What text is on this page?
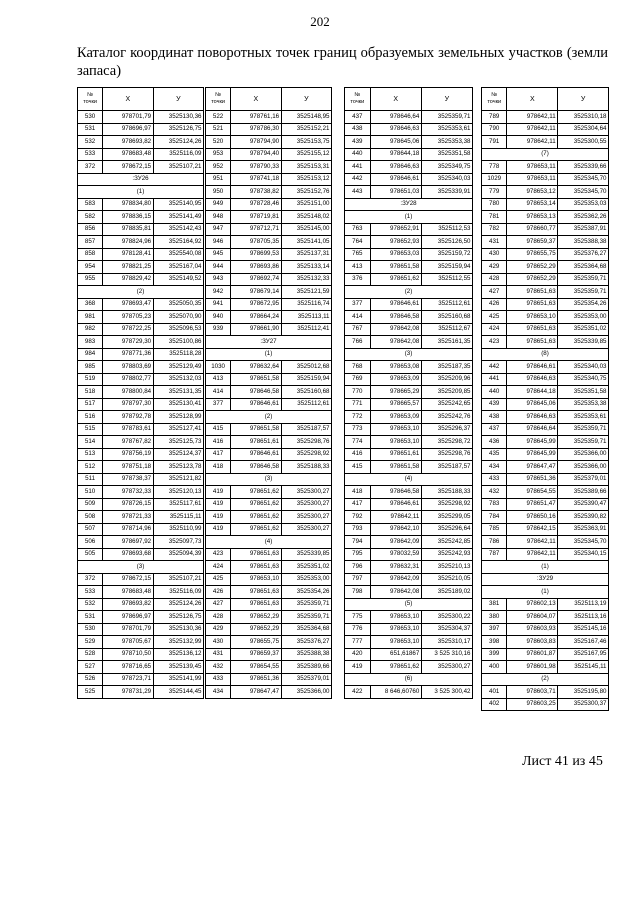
202
Каталог координат поворотных точек границ образуемых земельных участков (земли запаса)
№
точки	X	У
530	978701,79	3525130,36
531	978696,97	3525126,75
532	978693,82	3525124,26
533	978683,48	3525116,09
372	978672,15	3525107,21
:ЗУ26		
(1)		
583	978834,80	3525140,95
582	978836,15	3525141,49
856	978835,81	3525142,43
857	978824,96	3525164,92
858	978128,41	3525540,08
954	978821,25	3525167,04
955	978829,42	3525149,52
(2)		
368	978693,47	3525050,35
981	978705,23	3525070,90
982	978722,25	3525096,53
983	978729,30	3525100,86
984	978771,36	3525118,28
985	978803,69	3525129,49
519	978802,77	3525132,03
518	978800,84	3525131,35
517	978797,30	3525130,41
516	978792,78	3525128,99
515	978783,61	3525127,41
514	978767,82	3525125,73
513	978756,19	3525124,37
512	978751,18	3525123,78
511	978738,37	3525121,82
510	978732,33	3525120,13
509	978726,15	3525117,61
508	978721,33	3525115,11
507	978714,96	3525110,99
506	978697,92	3525097,73
505	978693,68	3525094,39
(3)		
372	978672,15	3525107,21
533	978683,48	3525116,09
532	978693,82	3525124,26
531	978696,97	3525126,75
530	978701,79	3525130,36
529	978705,67	3525132,99
528	978710,50	3525136,12
527	978716,65	3525139,45
526	978723,71	3525141,99
525	978731,29	3525144,45
№
точки	X	У
522	978761,16	3525148,95
521	978786,30	3525152,21
520	978794,90	3525153,75
953	978794,40	3525155,12
952	978790,33	3525153,31
951	978741,18	3525153,12
950	978738,82	3525152,76
949	978728,46	3525151,00
948	978719,81	3525148,02
947	978712,71	3525145,00
946	978705,35	3525141,05
945	978699,53	3525137,31
944	978693,86	3525133,14
943	978692,74	3525132,33
942	978679,14	3525121,59
941	978672,95	3525116,74
940	978664,24	3525113,11
939	978661,90	3525112,41
:ЗУ27		
(1)		
1030	978632,64	3525012,68
413	978651,58	3525159,94
414	978646,58	3525160,68
377	978646,61	3525112,61
(2)		
415	978651,58	3525187,57
416	978651,61	3525298,76
417	978646,61	3525298,92
418	978646,58	3525188,33
(3)		
419	978651,62	3525300,27
419	978651,62	3525300,27
419	978651,62	3525300,27
419	978651,62	3525300,27
(4)		
423	978651,63	3525339,85
424	978651,63	3525351,02
425	978653,10	3525353,00
426	978651,63	3525354,26
427	978651,63	3525359,71
428	978652,29	3525359,71
429	978652,29	3525364,68
430	978655,75	3525376,27
431	978659,37	3525388,38
432	978654,55	3525389,66
433	978651,36	3525379,01
434	978647,47	3525366,00
№
точки	X	У
437	978646,64	3525359,71
438	978646,63	3525353,61
439	978645,06	3525353,38
440	978644,18	3525351,58
441	978646,63	3525349,75
442	978646,61	3525340,03
443	978651,03	3525339,91
:ЗУ28		
(1)		
763	978652,91	3525112,53
764	978652,93	3525126,50
765	978653,03	3525159,72
413	978651,58	3525159,94
376	978651,62	3525112,55
(2)		
377	978646,61	3525112,61
414	978646,58	3525160,68
767	978642,08	3525112,67
766	978642,08	3525161,35
(3)		
768	978653,08	3525187,35
769	978653,09	3525209,96
770	978665,29	3525209,85
771	978665,57	3525242,65
772	978653,09	3525242,76
773	978653,10	3525296,37
774	978653,10	3525298,72
416	978651,61	3525298,76
415	978651,58	3525187,57
(4)		
418	978646,58	3525188,33
417	978646,61	3525298,92
792	978642,11	3525299,05
793	978642,10	3525296,64
794	978642,09	3525242,85
795	978032,59	3525242,93
796	978632,31	3525210,13
797	978642,09	3525210,05
798	978642,08	3525189,02
(5)		
775	978653,10	3525300,22
776	978653,10	3525304,37
777	978653,10	3525310,17
420	651,61867	3 525 310,16
419	978651,62	3525300,27
(6)		
422	8 646,60760	3 525 300,42
№
точки	X	У
789	978642,11	3525310,18
790	978642,11	3525304,64
791	978642,11	3525300,55
(7)		
778	978653,11	3525339,66
1029	978653,11	3525345,70
779	978653,12	3525345,70
780	978653,14	3525353,03
781	978653,13	3525362,26
782	978660,77	3525387,91
431	978659,37	3525388,38
430	978655,75	3525376,27
429	978652,29	3525364,68
428	978652,29	3525359,71
427	978651,63	3525359,71
426	978651,63	3525354,26
425	978653,10	3525353,00
424	978651,63	3525351,02
423	978651,63	3525339,85
(8)		
442	978646,61	3525340,03
441	978646,63	3525340,75
440	978644,18	3525351,58
439	978645,06	3525353,38
438	978646,63	3525353,61
437	978646,64	3525359,71
436	978645,99	3525359,71
435	978645,99	3525366,00
434	978647,47	3525366,00
433	978651,36	3525379,01
432	978654,55	3525389,66
783	978651,47	3525390,47
784	978650,16	3525390,82
785	978642,15	3525363,91
786	978642,11	3525345,70
787	978642,11	3525340,15
(1)		
:ЗУ29		
(1)		
381	978602,13	3525113,19
380	978604,07	3525113,16
397	978603,93	3525145,16
398	978603,83	3525167,46
399	978601,87	3525167,95
400	978601,98	3525145,11
(2)		
401	978603,71	3525195,80
402	978603,25	3525300,37
Лист 41 из 45
